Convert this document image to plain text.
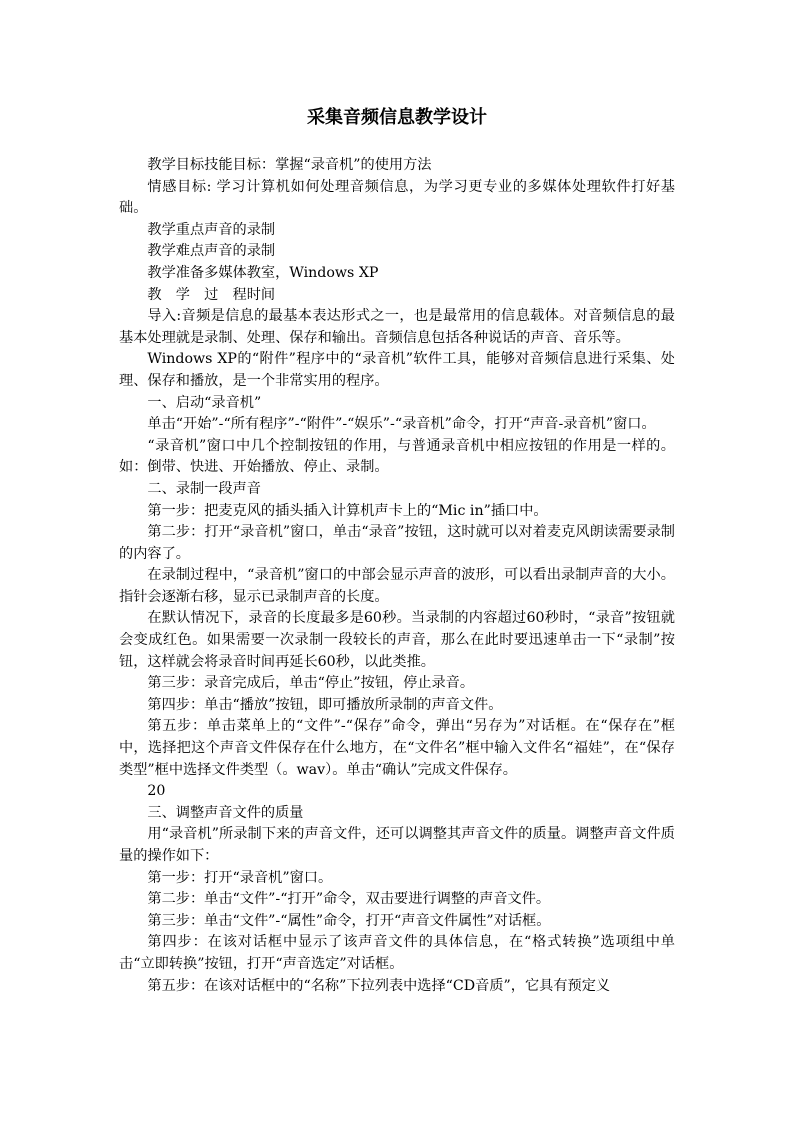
采集音频信息教学设计

教学目标技能目标：掌握“录音机”的使用方法

情感目标: 学习计算机如何处理音频信息，为学习更专业的多媒体处理软件打好基础。

教学重点声音的录制

教学难点声音的录制

教学准备多媒体教室，Windows XP

教　学　过　程时间

导入:音频是信息的最基本表达形式之一，也是最常用的信息载体。对音频信息的最基本处理就是录制、处理、保存和输出。音频信息包括各种说话的声音、音乐等。

Windows XP的“附件”程序中的“录音机”软件工具，能够对音频信息进行采集、处理、保存和播放，是一个非常实用的程序。

一、启动“录音机”

单击“开始”-“所有程序”-“附件”-“娱乐”-“录音机”命令，打开“声音-录音机”窗口。

“录音机”窗口中几个控制按钮的作用，与普通录音机中相应按钮的作用是一样的。如：倒带、快进、开始播放、停止、录制。

二、录制一段声音

第一步：把麦克风的插头插入计算机声卡上的“Mic in”插口中。

第二步：打开“录音机”窗口，单击“录音”按钮，这时就可以对着麦克风朗读需要录制的内容了。

在录制过程中，“录音机”窗口的中部会显示声音的波形，可以看出录制声音的大小。指针会逐渐右移，显示已录制声音的长度。

在默认情况下，录音的长度最多是60秒。当录制的内容超过60秒时，“录音”按钮就会变成红色。如果需要一次录制一段较长的声音，那么在此时要迅速单击一下“录制”按钮，这样就会将录音时间再延长60秒，以此类推。

第三步：录音完成后，单击“停止”按钮，停止录音。

第四步：单击“播放”按钮，即可播放所录制的声音文件。

第五步：单击菜单上的“文件”-“保存”命令，弹出“另存为”对话框。在“保存在”框中，选择把这个声音文件保存在什么地方，在“文件名”框中输入文件名“福娃”，在“保存类型”框中选择文件类型（。wav）。单击“确认”完成文件保存。

20

三、调整声音文件的质量

用“录音机”所录制下来的声音文件，还可以调整其声音文件的质量。调整声音文件质量的操作如下：

第一步：打开“录音机”窗口。

第二步：单击“文件”-“打开”命令，双击要进行调整的声音文件。

第三步：单击“文件”-“属性”命令，打开“声音文件属性”对话框。

第四步：在该对话框中显示了该声音文件的具体信息，在“格式转换”选项组中单击“立即转换”按钮，打开“声音选定”对话框。

第五步：在该对话框中的“名称”下拉列表中选择“CD音质”，它具有预定义
